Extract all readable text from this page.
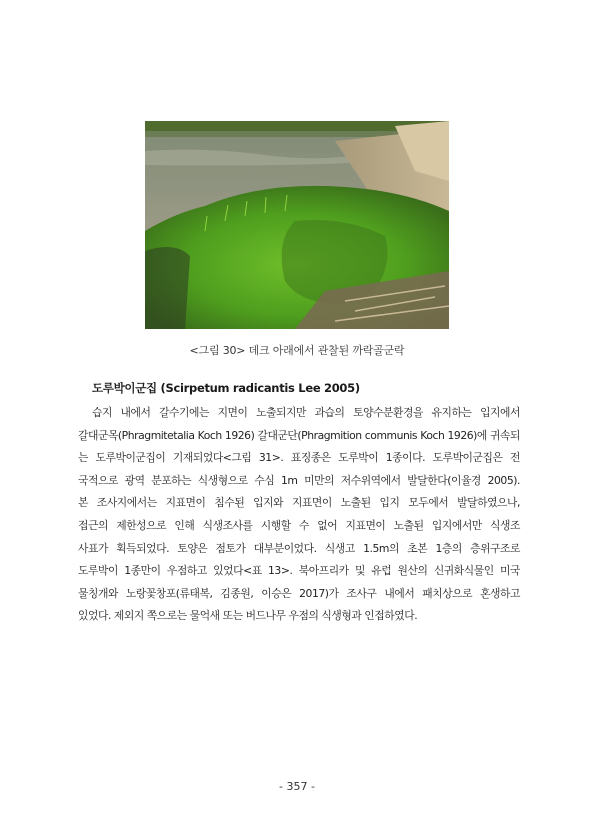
<그림 30> 데크 아래에서 관찰된 까락골군락
도루박이군집 (Scirpetum radicantis Lee 2005)
습지 내에서 갈수기에는 지면이 노출되지만 과습의 토양수분환경을 유지하는 입지에서
갈대군목(Phragmitetalia Koch 1926) 갈대군단(Phragmition communis Koch 1926)에 귀속되
는 도루박이군집이 기재되었다<그림 31>. 표징종은 도루박이 1종이다. 도루박이군집은 전
국적으로 광역 분포하는 식생형으로 수심 1m 미만의 저수위역에서 발달한다(이율경 2005).
본 조사지에서는 지표면이 침수된 입지와 지표면이 노출된 입지 모두에서 발달하였으나,
접근의 제한성으로 인해 식생조사를 시행할 수 없어 지표면이 노출된 입지에서만 식생조
사표가 획득되었다. 토양은 점토가 대부분이었다. 식생고 1.5m의 초본 1층의 층위구조로
도루박이 1종만이 우점하고 있었다<표 13>. 북아프리카 및 유럽 원산의 신귀화식물인 미국
물칭개와 노랑꽃창포(류태복, 김종원, 이승은 2017)가 조사구 내에서 패치상으로 혼생하고
있었다. 제외지 쪽으로는 물억새 또는 버드나무 우점의 식생형과 인접하였다.
- 357 -
